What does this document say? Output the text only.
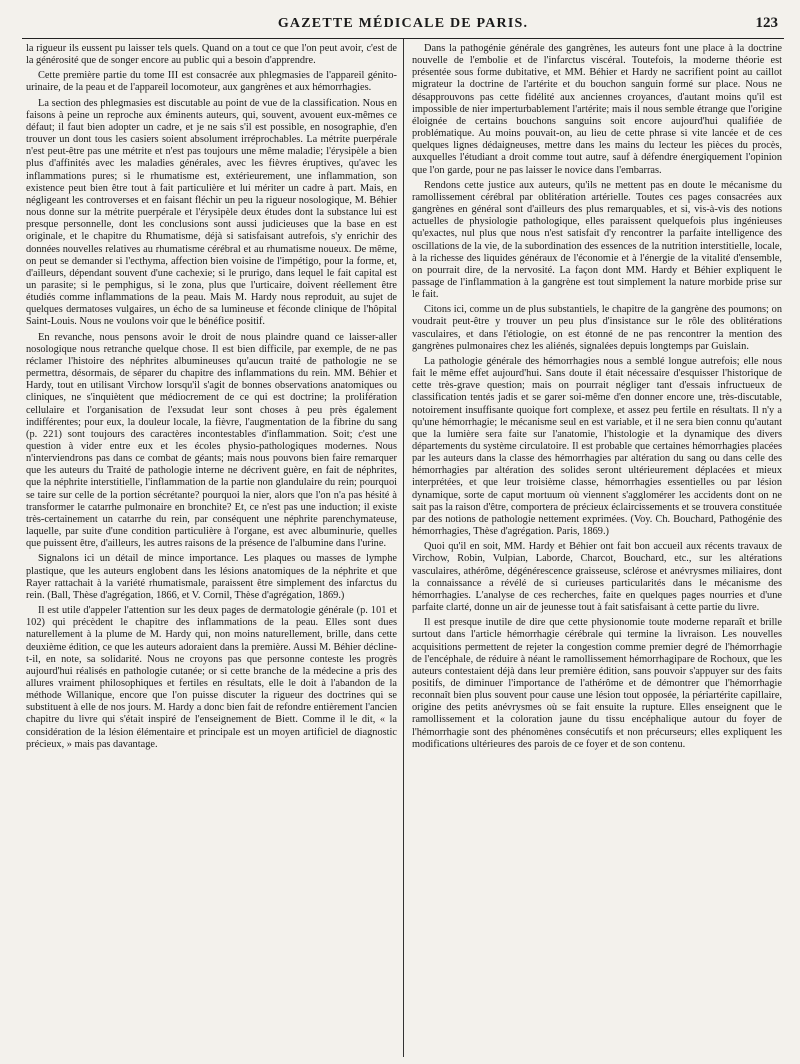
GAZETTE MÉDICALE DE PARIS.	123

la rigueur ils eussent pu laisser tels quels. Quand on a tout ce que l'on peut avoir, c'est de la générosité que de songer encore au public qui a besoin d'apprendre.

Cette première partie du tome III est consacrée aux phlegmasies de l'appareil génito-urinaire, de la peau et de l'appareil locomoteur, aux gangrènes et aux hémorrhagies.

La section des phlegmasies est discutable au point de vue de la classification. Nous en faisons à peine un reproche aux éminents auteurs, qui, souvent, avouent eux-mêmes ce défaut; il faut bien adopter un cadre, et je ne sais s'il est possible, en nosographie, d'en trouver un dont tous les casiers soient absolument irréprochables. La métrite puerpérale n'est peut-être pas une métrite et n'est pas toujours une même maladie; l'érysipèle a bien plus d'affinités avec les maladies générales, avec les fièvres éruptives, qu'avec les inflammations pures; si le rhumatisme est, extérieurement, une inflammation, son existence peut bien être tout à fait particulière et lui mériter un cadre à part. Mais, en négligeant les controverses et en faisant fléchir un peu la rigueur nosologique, M. Béhier nous donne sur la métrite puerpérale et l'érysipèle deux études dont la substance lui est presque personnelle, dont les conclusions sont aussi judicieuses que la base en est originale, et le chapitre du Rhumatisme, déjà si satisfaisant autrefois, s'y enrichir des données nouvelles relatives au rhumatisme cérébral et au rhumatisme noueux. De même, on peut se demander si l'ecthyma, affection bien voisine de l'impétigo, pour la forme, et, d'ailleurs, dépendant souvent d'une cachexie; si le prurigo, dans lequel le fait capital est un parasite; si le pemphigus, si le zona, plus que l'urticaire, doivent réellement être étudiés comme inflammations de la peau. Mais M. Hardy nous reproduit, au sujet de quelques dermatoses vulgaires, un écho de sa lumineuse et féconde clinique de l'hôpital Saint-Louis. Nous ne voulons voir que le bénéfice positif.

En revanche, nous pensons avoir le droit de nous plaindre quand ce laisser-aller nosologique nous retranche quelque chose. Il est bien difficile, par exemple, de ne pas réclamer l'histoire des néphrites albumineuses qu'aucun traité de pathologie ne se permettra, désormais, de séparer du chapitre des inflammations du rein. MM. Béhier et Hardy, tout en utilisant Virchow lorsqu'il s'agit de bonnes observations anatomiques ou cliniques, ne s'inquiètent que médiocrement de ce qui est doctrine; la prolifération cellulaire et l'organisation de l'exsudat leur sont choses à peu près également indifférentes; pour eux, la douleur locale, la fièvre, l'augmentation de la fibrine du sang (p. 221) sont toujours des caractères incontestables d'inflammation. Soit; c'est une question à vider entre eux et les écoles physio-pathologiques modernes. Nous n'interviendrons pas dans ce combat de géants; mais nous pouvons bien faire remarquer que les auteurs du Traité de pathologie interne ne décrivent guère, en fait de néphrites, que la néphrite interstitielle, l'inflammation de la partie non glandulaire du rein; pourquoi se taire sur celle de la portion sécrétante? pourquoi la nier, alors que l'on n'a pas hésité à transformer le catarrhe pulmonaire en bronchite? Et, ce n'est pas une induction; il existe très-certainement un catarrhe du rein, par conséquent une néphrite parenchymateuse, laquelle, par suite d'une condition particulière à l'organe, est avec albuminurie, quelles que puissent être, d'ailleurs, les autres raisons de la présence de l'albumine dans l'urine.

Signalons ici un détail de mince importance. Les plaques ou masses de lymphe plastique, que les auteurs englobent dans les lésions anatomiques de la néphrite et que Rayer rattachait à la variété rhumatismale, paraissent être simplement des infarctus du rein. (Ball, Thèse d'agrégation, 1866, et V. Cornil, Thèse d'agrégation, 1869.)

Il est utile d'appeler l'attention sur les deux pages de dermatologie générale (p. 101 et 102) qui précèdent le chapitre des inflammations de la peau. Elles sont dues naturellement à la plume de M. Hardy qui, non moins naturellement, brille, dans cette deuxième édition, ce que les auteurs adoraient dans la première. Aussi M. Béhier décline-t-il, en note, sa solidarité. Nous ne croyons pas que personne conteste les progrès aujourd'hui réalisés en pathologie cutanée; or si cette branche de la médecine a pris des allures vraiment philosophiques et fertiles en résultats, elle le doit à l'abandon de la méthode Willanique, encore que l'on puisse discuter la rigueur des doctrines qui se substituent à elle de nos jours. M. Hardy a donc bien fait de refondre entièrement l'ancien chapitre du livre qui s'était inspiré de l'enseignement de Biett. Comme il le dit, « la considération de la lésion élémentaire et principale est un moyen artificiel de diagnostic précieux, » mais pas davantage.

Dans la pathogénie générale des gangrènes, les auteurs font une place à la doctrine nouvelle de l'embolie et de l'infarctus viscéral. Toutefois, la moderne théorie est présentée sous forme dubitative, et MM. Béhier et Hardy ne sacrifient point au caillot migrateur la doctrine de l'artérite et du bouchon sanguin formé sur place. Nous ne désapprouvons pas cette fidélité aux anciennes croyances, d'autant moins qu'il est impossible de nier imperturbablement l'artérite; mais il nous semble étrange que l'origine éloignée de certains bouchons sanguins soit encore aujourd'hui qualifiée de problématique. Au moins pouvait-on, au lieu de cette phrase si vite lancée et de ces quelques lignes dédaigneuses, mettre dans les mains du lecteur les pièces du procès, auxquelles l'étudiant a droit comme tout autre, sauf à défendre énergiquement l'opinion que l'on garde, pour ne pas laisser le novice dans l'embarras.

Rendons cette justice aux auteurs, qu'ils ne mettent pas en doute le mécanisme du ramollissement cérébral par oblitération artérielle. Toutes ces pages consacrées aux gangrènes en général sont d'ailleurs des plus remarquables, et si, vis-à-vis des notions actuelles de physiologie pathologique, elles paraissent quelquefois plus ingénieuses qu'exactes, nul plus que nous n'est satisfait d'y rencontrer la parfaite intelligence des oscillations de la vie, de la subordination des essences de la nutrition interstitielle, locale, à la richesse des liquides généraux de l'économie et à l'énergie de la vitalité d'ensemble, on pourrait dire, de la nervosité. La façon dont MM. Hardy et Béhier expliquent le passage de l'inflammation à la gangrène est tout simplement la nature morbide prise sur le fait.

Citons ici, comme un de plus substantiels, le chapitre de la gangrène des poumons; on voudrait peut-être y trouver un peu plus d'insistance sur le rôle des oblitérations vasculaires, et dans l'étiologie, on est étonné de ne pas rencontrer la mention des gangrènes pulmonaires chez les aliénés, signalées depuis longtemps par Guislain.

La pathologie générale des hémorrhagies nous a semblé longue autrefois; elle nous fait le même effet aujourd'hui. Sans doute il était nécessaire d'esquisser l'historique de cette très-grave question; mais on pourrait négliger tant d'essais infructueux de classification tentés jadis et se garer soi-même d'en donner encore une, très-discutable, notoirement insuffisante quoique fort complexe, et assez peu fertile en résultats. Il n'y a qu'une hémorrhagie; le mécanisme seul en est variable, et il ne sera bien connu qu'autant que la lumière sera faite sur l'anatomie, l'histologie et la dynamique des divers départements du système circulatoire. Il est probable que certaines hémorrhagies placées par les auteurs dans la classe des hémorrhagies par altération du sang ou dans celle des hémorrhagies par altération des solides seront ultérieurement déplacées et mieux interprétées, et que leur troisième classe, hémorrhagies essentielles ou par lésion dynamique, sorte de caput mortuum où viennent s'agglomérer les accidents dont on ne sait pas la raison d'être, comportera de précieux éclaircissements et se trouvera constituée par des notions de pathologie nettement exprimées. (Voy. Ch. Bouchard, Pathogénie des hémorrhagies, Thèse d'agrégation. Paris, 1869.)

Quoi qu'il en soit, MM. Hardy et Béhier ont fait bon accueil aux récents travaux de Virchow, Robin, Vulpian, Laborde, Charcot, Bouchard, etc., sur les altérations vasculaires, athérôme, dégénérescence graisseuse, sclérose et anévrysmes miliaires, dont la connaissance a révélé de si curieuses particularités dans le mécanisme des hémorrhagies. L'analyse de ces recherches, faite en quelques pages nourries et d'une parfaite clarté, donne un air de jeunesse tout à fait satisfaisant à cette partie du livre.

Il est presque inutile de dire que cette physionomie toute moderne reparaît et brille surtout dans l'article hémorrhagie cérébrale qui termine la livraison. Les nouvelles acquisitions permettent de rejeter la congestion comme premier degré de l'hémorrhagie de l'encéphale, de réduire à néant le ramollissement hémorrhagipare de Rochoux, que les auteurs contestaient déjà dans leur première édition, sans pouvoir s'appuyer sur des faits positifs, de diminuer l'importance de l'athérôme et de démontrer que l'hémorrhagie reconnaît bien plus souvent pour cause une lésion tout opposée, la périartérite capillaire, origine des petits anévrysmes où se fait ensuite la rupture. Elles enseignent que le ramollissement et la coloration jaune du tissu encéphalique autour du foyer de l'hémorrhagie sont des phénomènes consécutifs et non précurseurs; elles expliquent les modifications ultérieures des parois de ce foyer et de son contenu.
